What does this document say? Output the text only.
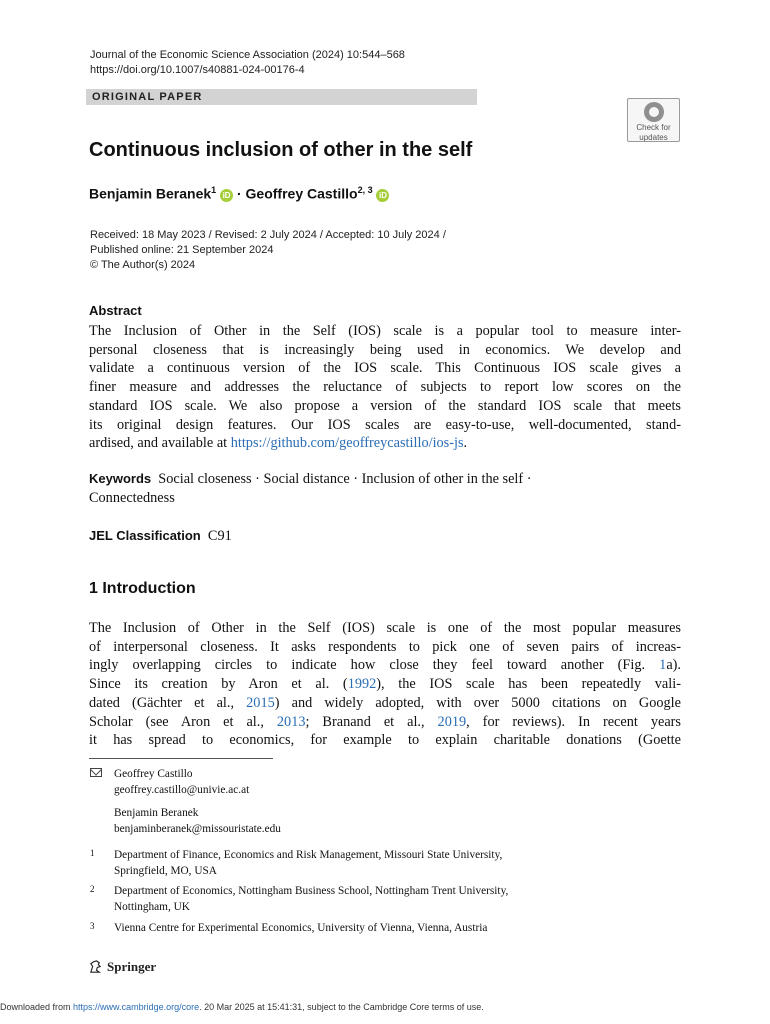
Journal of the Economic Science Association (2024) 10:544–568
https://doi.org/10.1007/s40881-024-00176-4
ORIGINAL PAPER
Check for
updates
Continuous inclusion of other in the self
Benjamin Beranek$^1$ iD · Geoffrey Castillo$^{2, 3}$ iD
Received: 18 May 2023 / Revised: 2 July 2024 / Accepted: 10 July 2024 /
Published online: 21 September 2024
© The Author(s) 2024
Abstract
The Inclusion of Other in the Self (IOS) scale is a popular tool to measure inter-
personal closeness that is increasingly being used in economics. We develop and
validate a continuous version of the IOS scale. This Continuous IOS scale gives a
finer measure and addresses the reluctance of subjects to report low scores on the
standard IOS scale. We also propose a version of the standard IOS scale that meets
its original design features. Our IOS scales are easy-to-use, well-documented, stand-
ardised, and available at https://github.com/geoffreycastillo/ios-js.
Keywords Social closeness · Social distance · Inclusion of other in the self ·
Connectedness
JEL Classification C91
1 Introduction
The Inclusion of Other in the Self (IOS) scale is one of the most popular measures
of interpersonal closeness. It asks respondents to pick one of seven pairs of increas-
ingly overlapping circles to indicate how close they feel toward another (Fig. 1a).
Since its creation by Aron et al. (1992), the IOS scale has been repeatedly vali-
dated (Gächter et al., 2015) and widely adopted, with over 5000 citations on Google
Scholar (see Aron et al., 2013; Branand et al., 2019, for reviews). In recent years
it has spread to economics, for example to explain charitable donations (Goette
Geoffrey Castillo
geoffrey.castillo@univie.ac.at
Benjamin Beranek
benjaminberanek@missouristate.edu
1 Department of Finance, Economics and Risk Management, Missouri State University,
Springfield, MO, USA
2 Department of Economics, Nottingham Business School, Nottingham Trent University,
Nottingham, UK
3 Vienna Centre for Experimental Economics, University of Vienna, Vienna, Austria
Springer
Downloaded from https://www.cambridge.org/core. 20 Mar 2025 at 15:41:31, subject to the Cambridge Core terms of use.
